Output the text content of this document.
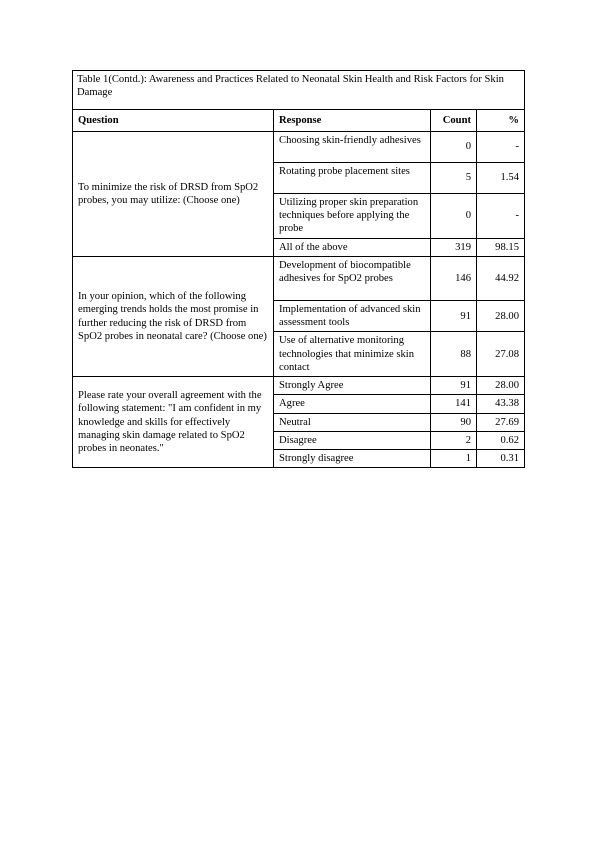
Table 1(Contd.): Awareness and Practices Related to Neonatal Skin Health and Risk Factors for Skin Damage			
Question	Response	Count	%
To minimize the risk of DRSD from SpO2 probes, you may utilize: (Choose one)	Choosing skin-friendly adhesives	0	-
	Rotating probe placement sites	5	1.54
	Utilizing proper skin preparation techniques before applying the probe	0	-
	All of the above	319	98.15
In your opinion, which of the following emerging trends holds the most promise in further reducing the risk of DRSD from SpO2 probes in neonatal care? (Choose one)	Development of biocompatible adhesives for SpO2 probes	146	44.92
	Implementation of advanced skin assessment tools	91	28.00
	Use of alternative monitoring technologies that minimize skin contact	88	27.08
Please rate your overall agreement with the following statement: "I am confident in my knowledge and skills for effectively managing skin damage related to SpO2 probes in neonates."	Strongly Agree	91	28.00
	Agree	141	43.38
	Neutral	90	27.69
	Disagree	2	0.62
	Strongly disagree	1	0.31
